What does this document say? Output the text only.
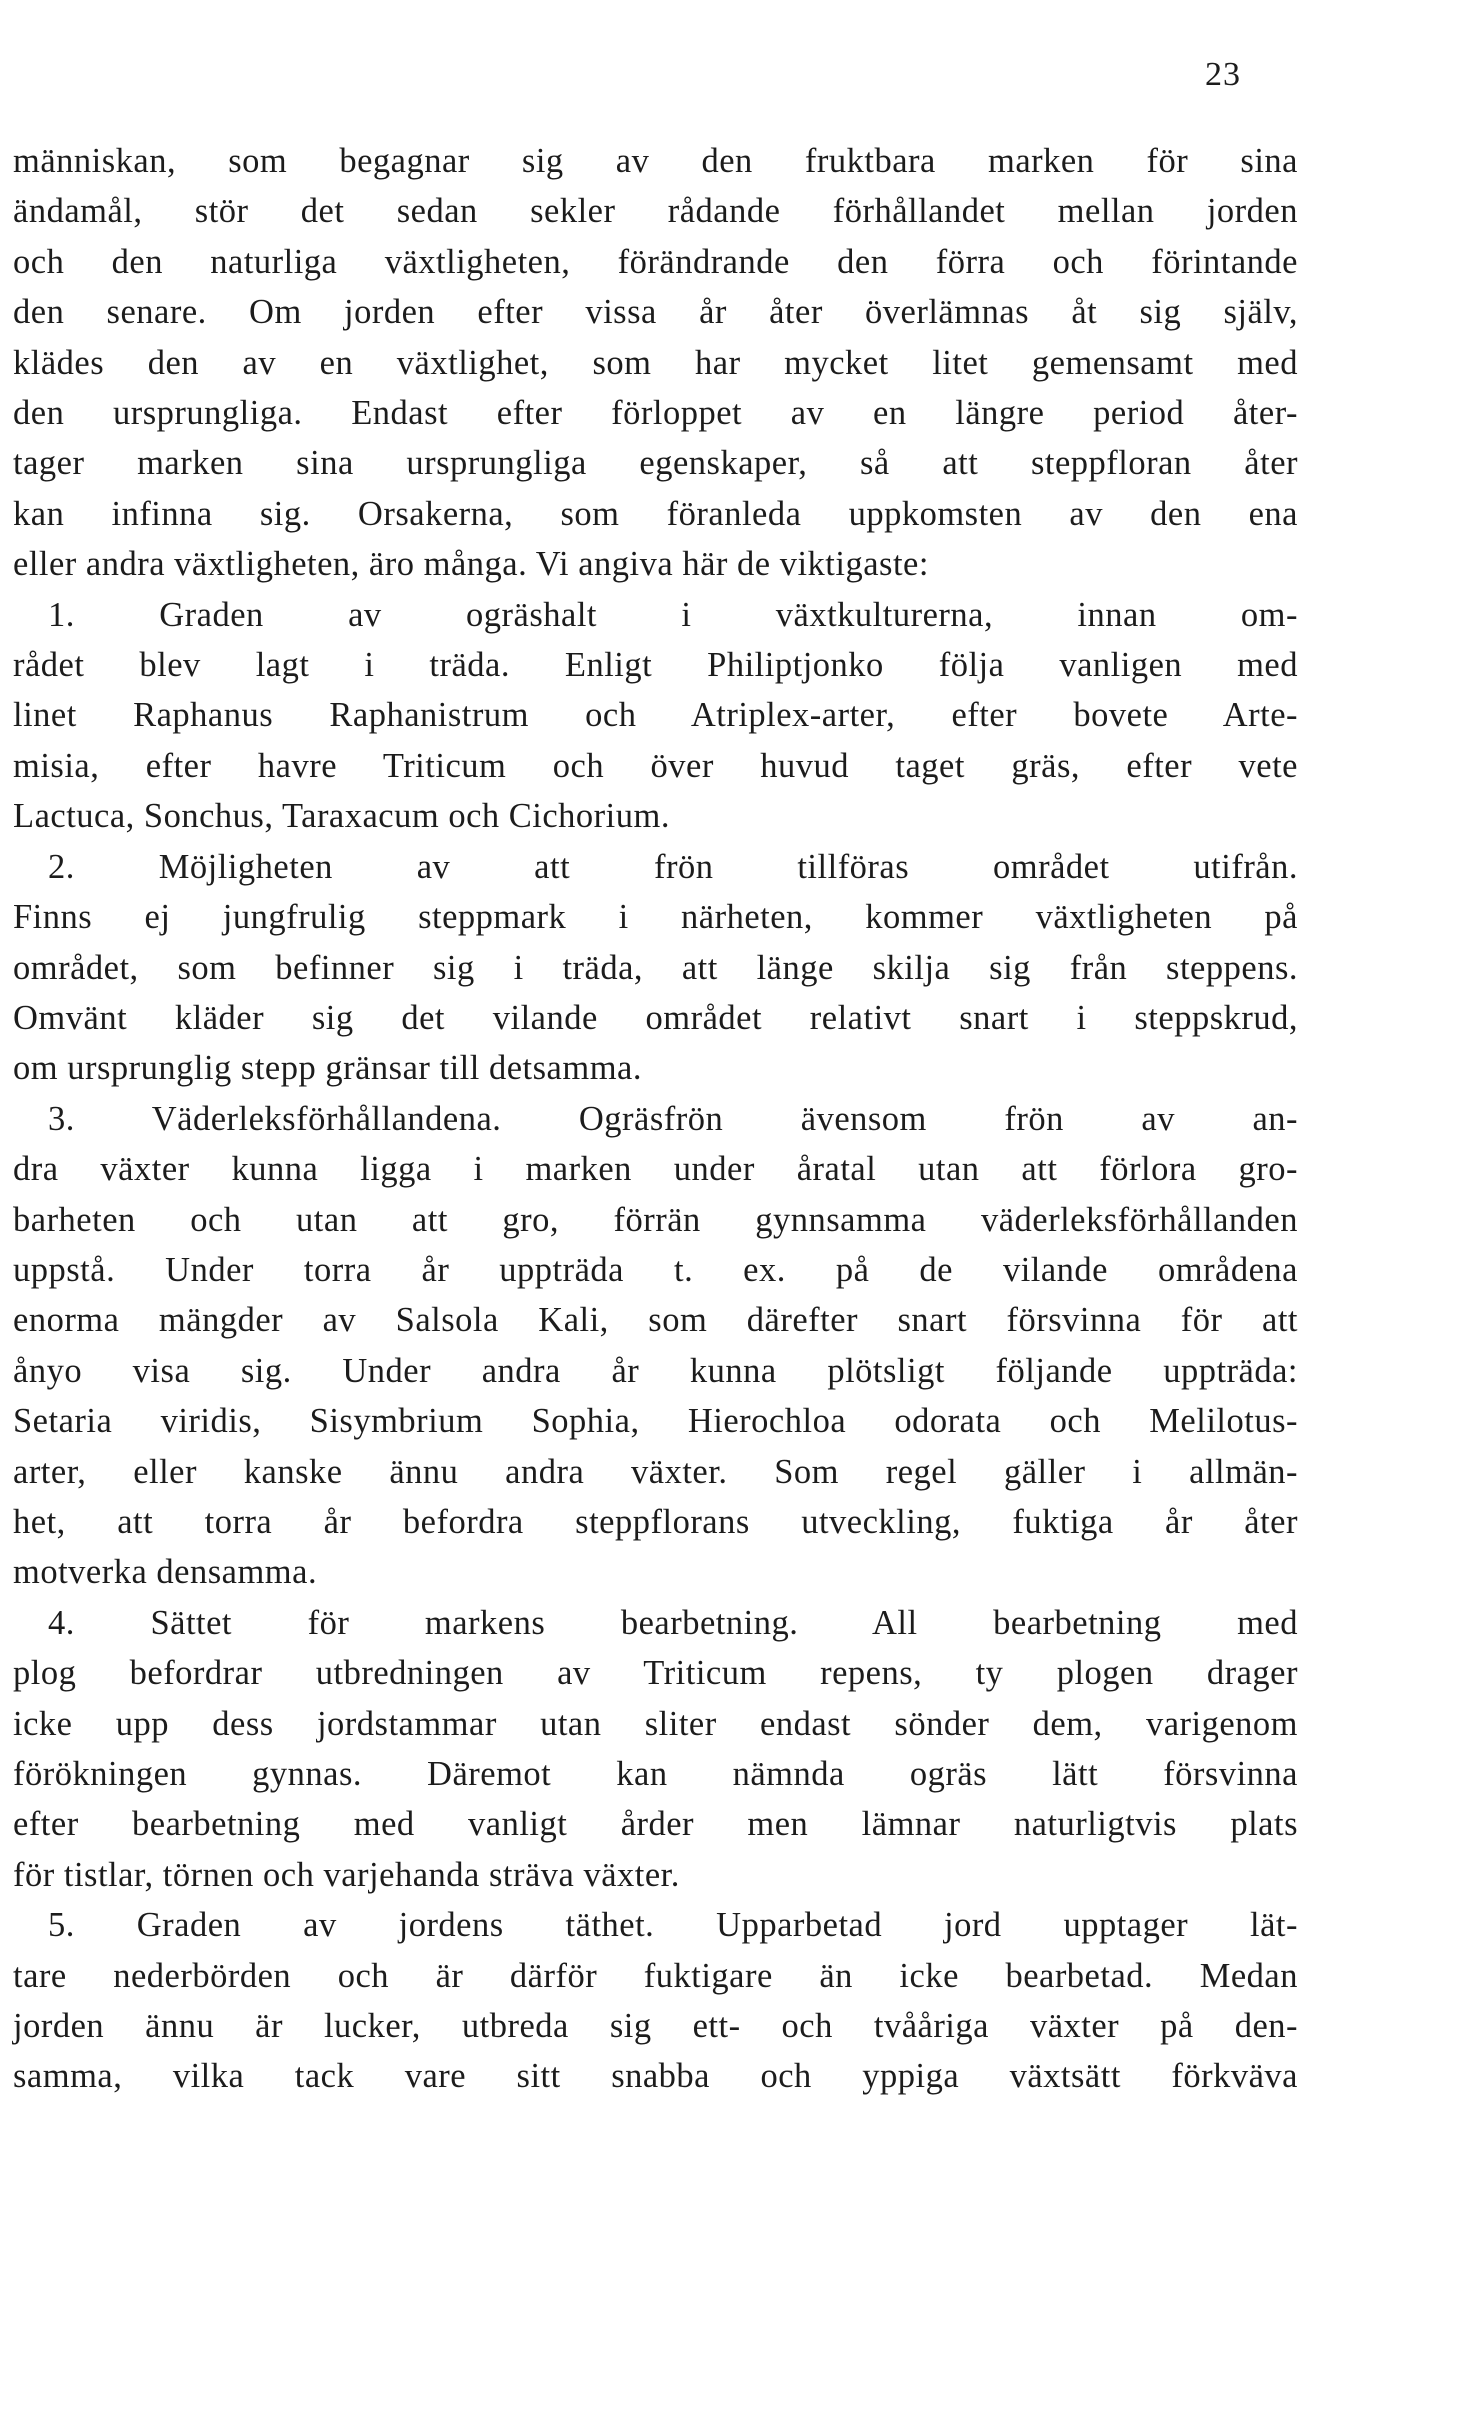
23
människan, som begagnar sig av den fruktbara marken för sina
ändamål, stör det sedan sekler rådande förhållandet mellan jorden
och den naturliga växtligheten, förändrande den förra och förintande
den senare. Om jorden efter vissa år åter överlämnas åt sig själv,
klädes den av en växtlighet, som har mycket litet gemensamt med
den ursprungliga. Endast efter förloppet av en längre period åter-
tager marken sina ursprungliga egenskaper, så att steppfloran åter
kan infinna sig. Orsakerna, som föranleda uppkomsten av den ena
eller andra växtligheten, äro många. Vi angiva här de viktigaste:
 1. Graden av ogräshalt i växtkulturerna, innan om-
rådet blev lagt i träda. Enligt Philiptjonko följa vanligen med
linet Raphanus Raphanistrum och Atriplex-arter, efter bovete Arte-
misia, efter havre Triticum och över huvud taget gräs, efter vete
Lactuca, Sonchus, Taraxacum och Cichorium.
 2. Möjligheten av att frön tillföras området utifrån.
Finns ej jungfrulig steppmark i närheten, kommer växtligheten på
området, som befinner sig i träda, att länge skilja sig från steppens.
Omvänt kläder sig det vilande området relativt snart i steppskrud,
om ursprunglig stepp gränsar till detsamma.
 3. Väderleksförhållandena. Ogräsfrön ävensom frön av an-
dra växter kunna ligga i marken under åratal utan att förlora gro-
barheten och utan att gro, förrän gynnsamma väderleksförhållanden
uppstå. Under torra år uppträda t. ex. på de vilande områdena
enorma mängder av Salsola Kali, som därefter snart försvinna för att
ånyo visa sig. Under andra år kunna plötsligt följande uppträda:
Setaria viridis, Sisymbrium Sophia, Hierochloa odorata och Melilotus-
arter, eller kanske ännu andra växter. Som regel gäller i allmän-
het, att torra år befordra steppflorans utveckling, fuktiga år åter
motverka densamma.
 4. Sättet för markens bearbetning. All bearbetning med
plog befordrar utbredningen av Triticum repens, ty plogen drager
icke upp dess jordstammar utan sliter endast sönder dem, varigenom
förökningen gynnas. Däremot kan nämnda ogräs lätt försvinna
efter bearbetning med vanligt årder men lämnar naturligtvis plats
för tistlar, törnen och varjehanda sträva växter.
 5. Graden av jordens täthet. Upparbetad jord upptager lät-
tare nederbörden och är därför fuktigare än icke bearbetad. Medan
jorden ännu är lucker, utbreda sig ett- och tvååriga växter på den-
samma, vilka tack vare sitt snabba och yppiga växtsätt förkväva
